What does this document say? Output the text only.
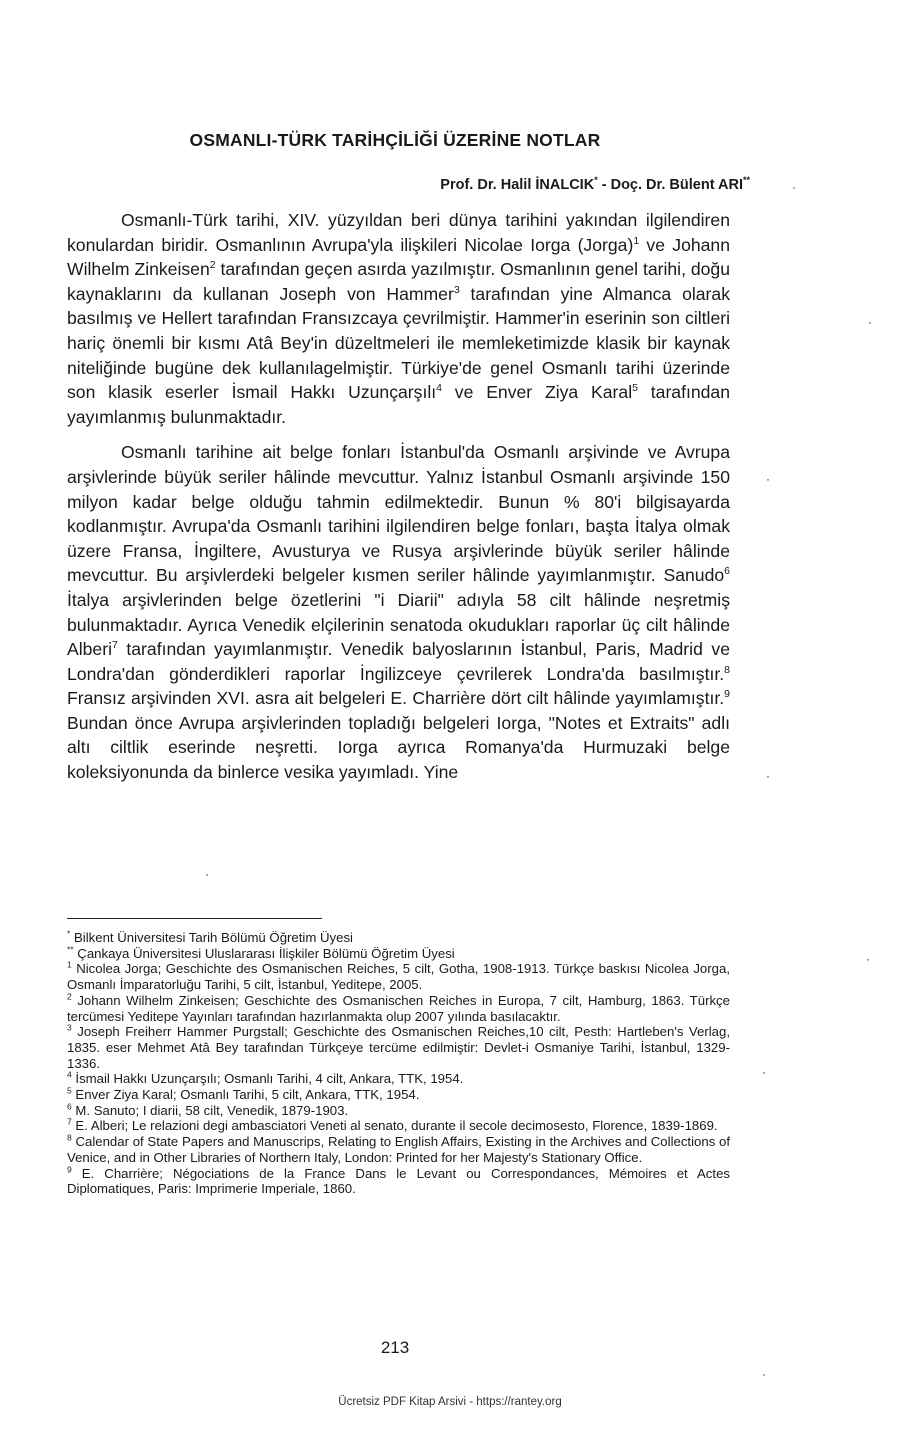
OSMANLI-TÜRK TARİHÇİLİĞİ ÜZERİNE NOTLAR
Prof. Dr. Halil İNALCIK* - Doç. Dr. Bülent ARI**

Osmanlı-Türk tarihi, XIV. yüzyıldan beri dünya tarihini yakından ilgilendiren konulardan biridir. Osmanlının Avrupa'yla ilişkileri Nicolae Iorga (Jorga)$^1$ ve Johann Wilhelm Zinkeisen$^2$ tarafından geçen asırda yazılmıştır. Osmanlının genel tarihi, doğu kaynaklarını da kullanan Joseph von Hammer$^3$ tarafından yine Almanca olarak basılmış ve Hellert tarafından Fransızcaya çevrilmiştir. Hammer'in eserinin son ciltleri hariç önemli bir kısmı Atâ Bey'in düzeltmeleri ile memleketimizde klasik bir kaynak niteliğinde bugüne dek kullanılagelmiştir. Türkiye'de genel Osmanlı tarihi üzerinde son klasik eserler İsmail Hakkı Uzunçarşılı$^4$ ve Enver Ziya Karal$^5$ tarafından yayımlanmış bulunmaktadır.

Osmanlı tarihine ait belge fonları İstanbul'da Osmanlı arşivinde ve Avrupa arşivlerinde büyük seriler hâlinde mevcuttur. Yalnız İstanbul Osmanlı arşivinde 150 milyon kadar belge olduğu tahmin edilmektedir. Bunun % 80'i bilgisayarda kodlanmıştır. Avrupa'da Osmanlı tarihini ilgilendiren belge fonları, başta İtalya olmak üzere Fransa, İngiltere, Avusturya ve Rusya arşivlerinde büyük seriler hâlinde mevcuttur. Bu arşivlerdeki belgeler kısmen seriler hâlinde yayımlanmıştır. Sanudo$^6$ İtalya arşivlerinden belge özetlerini "i Diarii" adıyla 58 cilt hâlinde neşretmiş bulunmaktadır. Ayrıca Venedik elçilerinin senatoda okudukları raporlar üç cilt hâlinde Alberi$^7$ tarafından yayımlanmıştır. Venedik balyoslarının İstanbul, Paris, Madrid ve Londra'dan gönderdikleri raporlar İngilizceye çevrilerek Londra'da basılmıştır.$^8$ Fransız arşivinden XVI. asra ait belgeleri E. Charrière dört cilt hâlinde yayımlamıştır.$^9$ Bundan önce Avrupa arşivlerinden topladığı belgeleri Iorga, "Notes et Extraits" adlı altı ciltlik eserinde neşretti. Iorga ayrıca Romanya'da Hurmuzaki belge koleksiyonunda da binlerce vesika yayımladı. Yine

* Bilkent Üniversitesi Tarih Bölümü Öğretim Üyesi

** Çankaya Üniversitesi Uluslararası İlişkiler Bölümü Öğretim Üyesi

$^1$ Nicolea Jorga; Geschichte des Osmanischen Reiches, 5 cilt, Gotha, 1908-1913. Türkçe baskısı Nicolea Jorga, Osmanlı İmparatorluğu Tarihi, 5 cilt, İstanbul, Yeditepe, 2005.

$^2$ Johann Wilhelm Zinkeisen; Geschichte des Osmanischen Reiches in Europa, 7 cilt, Hamburg, 1863. Türkçe tercümesi Yeditepe Yayınları tarafından hazırlanmakta olup 2007 yılında basılacaktır.

$^3$ Joseph Freiherr Hammer Purgstall; Geschichte des Osmanischen Reiches,10 cilt, Pesth: Hartleben's Verlag, 1835. eser Mehmet Atâ Bey tarafından Türkçeye tercüme edilmiştir: Devlet-i Osmaniye Tarihi, İstanbul, 1329-1336.

$^4$ İsmail Hakkı Uzunçarşılı; Osmanlı Tarihi, 4 cilt, Ankara, TTK, 1954.

$^5$ Enver Ziya Karal; Osmanlı Tarihi, 5 cilt, Ankara, TTK, 1954.

$^6$ M. Sanuto; I diarii, 58 cilt, Venedik, 1879-1903.

$^7$ E. Alberi; Le relazioni degi ambasciatori Veneti al senato, durante il secole decimosesto, Florence, 1839-1869.

$^8$ Calendar of State Papers and Manuscrips, Relating to English Affairs, Existing in the Archives and Collections of Venice, and in Other Libraries of Northern Italy, London: Printed for her Majesty's Stationary Office.

$^9$ E. Charrière; Négociations de la France Dans le Levant ou Correspondances, Mémoires et Actes Diplomatiques, Paris: Imprimerie Imperiale, 1860.

213
Ücretsiz PDF Kitap Arsivi - https://rantey.org
·
·
·
·
·
·
·
·
